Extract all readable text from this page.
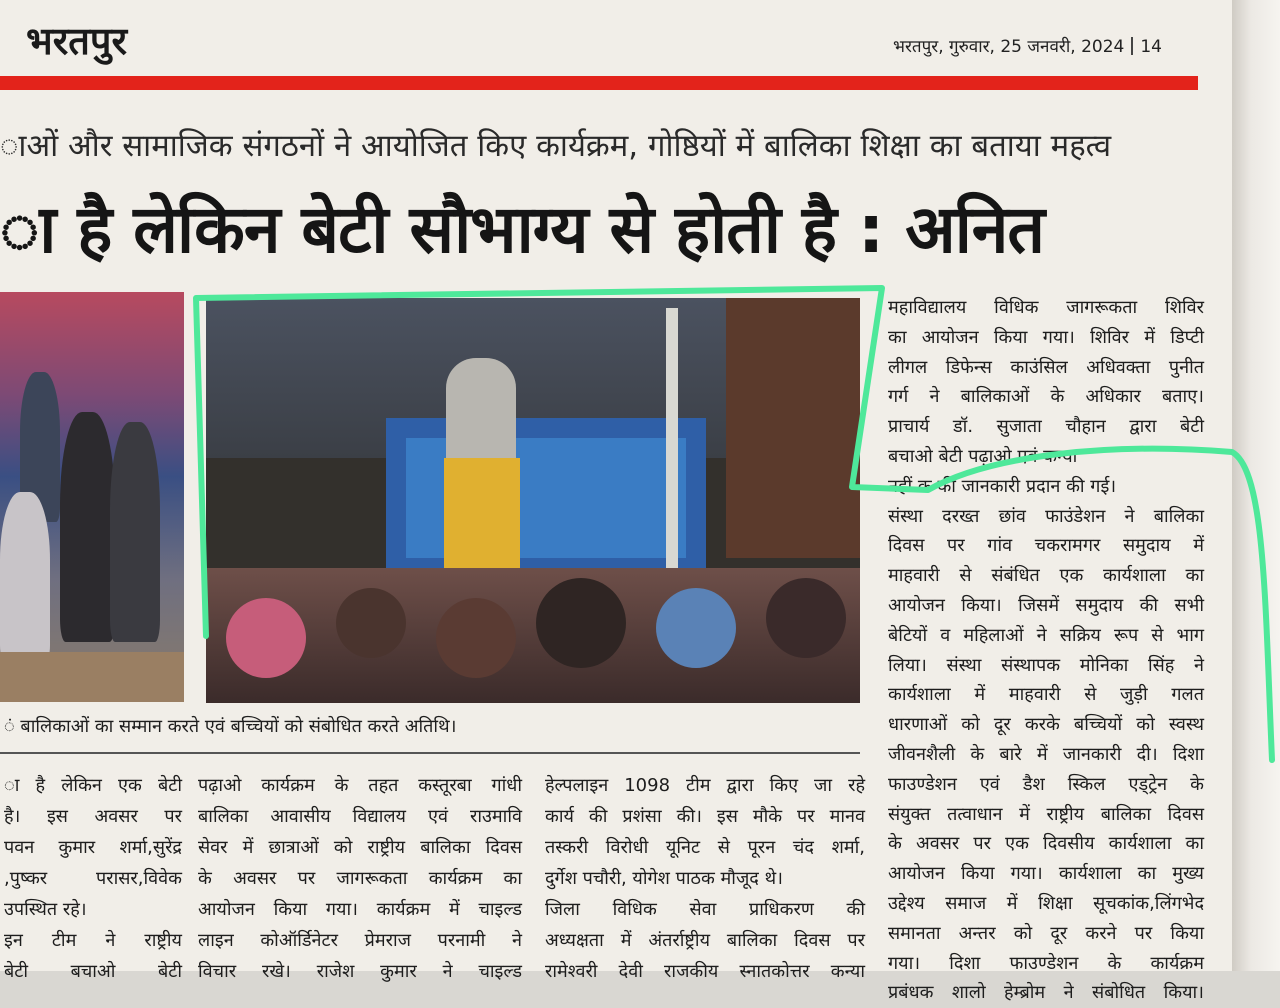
भरतपुर	भरतपुर, गुरुवार, 25 जनवरी, 2024 14
ाओं और सामाजिक संगठनों ने आयोजित किए कार्यक्रम, गोष्ठियों में बालिका शिक्षा का बताया महत्व
ा है लेकिन बेटी सौभाग्य से होती है : अनित
ं बालिकाओं का सम्मान करते एवं बच्चियों को संबोधित करते अतिथि।
महाविद्यालय विधिक जागरूकता शिविर
का आयोजन किया गया। शिविर में डिप्टी
लीगल डिफेन्स काउंसिल अधिवक्ता पुनीत
गर्ग ने बालिकाओं के अधिकार बताए।
प्राचार्य डॉ. सुजाता चौहान द्वारा बेटी
बचाओ बेटी पढ़ाओ एवं कन्या
नहीं क की जानकारी प्रदान की गई।
संस्था दरख्त छांव फाउंडेशन ने बालिका
दिवस पर गांव चकरामगर समुदाय में
माहवारी से संबंधित एक कार्यशाला का
आयोजन किया। जिसमें समुदाय की सभी
बेटियों व महिलाओं ने सक्रिय रूप से भाग
लिया। संस्था संस्थापक मोनिका सिंह ने
कार्यशाला में माहवारी से जुड़ी गलत
धारणाओं को दूर करके बच्चियों को स्वस्थ
जीवनशैली के बारे में जानकारी दी। दिशा
फाउण्डेशन एवं डैश स्किल एड्ट्रेन के
संयुक्त तत्वाधान में राष्ट्रीय बालिका दिवस
के अवसर पर एक दिवसीय कार्यशाला का
आयोजन किया गया। कार्यशाला का मुख्य
उद्देश्य समाज में शिक्षा सूचकांक,लिंगभेद
समानता अन्तर को दूर करने पर किया
गया। दिशा फाउण्डेशन के कार्यक्रम
प्रबंधक शालो हेम्ब्रोम ने संबोधित किया।
ा है लेकिन एक बेटी
है। इस अवसर पर
पवन कुमार शर्मा,सुरेंद्र
,पुष्कर परासर,विवेक
उपस्थित रहे।
इन टीम ने राष्ट्रीय
बेटी बचाओ बेटी
पढ़ाओ कार्यक्रम के तहत कस्तूरबा गांधी
बालिका आवासीय विद्यालय एवं राउमावि
सेवर में छात्राओं को राष्ट्रीय बालिका दिवस
के अवसर पर जागरूकता कार्यक्रम का
आयोजन किया गया। कार्यक्रम में चाइल्ड
लाइन कोऑर्डिनेटर प्रेमराज परनामी ने
विचार रखे। राजेश कुमार ने चाइल्ड
हेल्पलाइन 1098 टीम द्वारा किए जा रहे
कार्य की प्रशंसा की। इस मौके पर मानव
तस्करी विरोधी यूनिट से पूरन चंद शर्मा,
दुर्गेश पचौरी, योगेश पाठक मौजूद थे।
जिला विधिक सेवा प्राधिकरण की
अध्यक्षता में अंतर्राष्ट्रीय बालिका दिवस पर
रामेश्वरी देवी राजकीय स्नातकोत्तर कन्या
